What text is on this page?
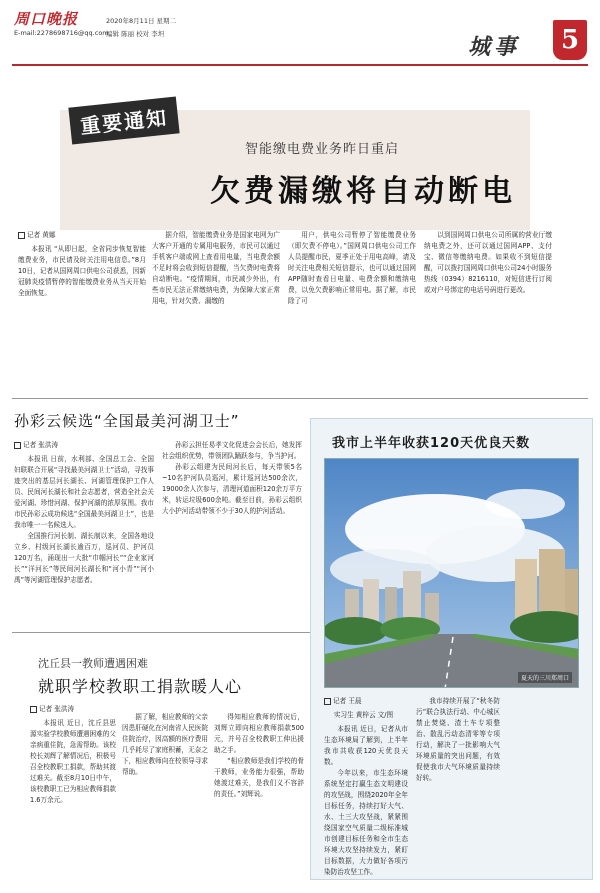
周口晚报
E-mail:2278698716@qq.com
2020年8月11日 星期二
编辑 陈丽 校对 李坦	城事	5
重要通知
智能缴电费业务昨日重启
欠费漏缴将自动断电
记者 黄娜

本报讯 “从即日起，全省同步恢复智能缴费业务，市民请及时关注用电信息。”8月10日，记者从国网周口供电公司获悉，因新冠肺炎疫情暂停的智能缴费业务从当天开始全面恢复。

据介绍，智能缴费业务是国家电网为广大客户开通的专属用电服务，市民可以通过手机客户端或网上查看用电量，当电费余额不足时将会收到短信提醒，当欠费时电费将自动断电。“疫情期间，市民减少外出，有些市民无法正常缴纳电费，为保障大家正常用电，针对欠费、漏缴的

用户，供电公司暂停了智能缴费业务（即欠费不停电）。”国网周口供电公司工作人员提醒市民，夏季正处于用电高峰，请及时关注电费相关短信提示，也可以通过国网APP随时查看日电量、电费余额和缴纳电费，以免欠费影响正常用电。据了解，市民除了可

以到国网周口供电公司所属的营业厅缴纳电费之外，还可以通过国网APP、支付宝、微信等缴纳电费。如果收不到短信提醒，可以拨打国网周口供电公司24小时服务热线（0394）8216110，对短信进行订阅或对户号绑定的电话号码进行更改。

孙彩云候选“全国最美河湖卫士”
记者 张洪涛

本报讯 日前，水利部、全国总工会、全国妇联联合开展“寻找最美河湖卫士”活动，寻找事迹突出的基层河长湖长、河湖管理保护工作人员、民间河长湖长和社会志愿者，营造全社会关爱河湖、珍惜河湖、保护河湖的浓厚氛围。我市市民孙彩云成功候选“全国最美河湖卫士”，也是我市唯一一名候选人。

全国推行河长制、湖长制以来，全国各地设立乡、村级河长湖长逾百万，巡河员、护河员120万名，涌现出一大批“巾帼河长”“企业家河长”“洋河长”等民间河长湖长和“河小青”“河小禹”等河湖管理保护志愿者。

孙彩云担任易孝文化促进会会长后，她发挥社会组织优势，带领团队踊跃参与，争当护河。

孙彩云组建为民间河长后，每天带领5名~10名护河队员巡河，累计巡河达500余次，19000余人次参与，清理河道面积120余万平方米，转运垃圾600余吨。截至目前，孙彩云组织大小护河活动带领不少于30人的护河活动。

沈丘县一教师遭遇困难
就职学校教职工捐款暖人心
记者 张洪涛

本报讯 近日，沈丘县思源实验学校教师遭遇困难的父亲病重住院，急需帮助。该校校长刘辉了解情况后，积极号召全校教职工捐款，帮助其渡过难关。截至8月10日中午，该校教职工已为相应教师捐款1.6万余元。

据了解，相应教师的父亲因患肝硬化在河南省人民医院住院治疗，因高额的医疗费用几乎耗尽了家庭积蓄，无奈之下，相应教师向在校领导寻求帮助。

得知相应教师的情况后，刘辉立即向相应教师捐款500元，并号召全校教职工伸出援助之手。

“相应教师是我们学校的骨干教师，业务能力很强，帮助她渡过难关，是我们义不容辞的责任。”刘辉说。

我市上半年收获120天优良天数
夏天的三川郑周口
记者 王晨
实习生 黄梓云 文/图

本报讯 近日，记者从市生态环境局了解到，上半年我市共收获120天优良天数。

今年以来，市生态环境系统坚定打赢生态文明建设的攻坚战，围绕2020年全年目标任务，持续打好大气、水、土三大攻坚战，紧紧围绕国家空气质量二级标准城市创建目标任务和全市生态环境大攻坚持续发力，紧盯目标数据，大力做好各项污染防治攻坚工作。

我市持续开展了“秋冬防污”联合执法行动、中心城区禁止焚烧、渣土车专项整治、散乱污动态清零等专项行动，解决了一批影响大气环境质量的突出问题，有效促使我市大气环境质量持续好转。
